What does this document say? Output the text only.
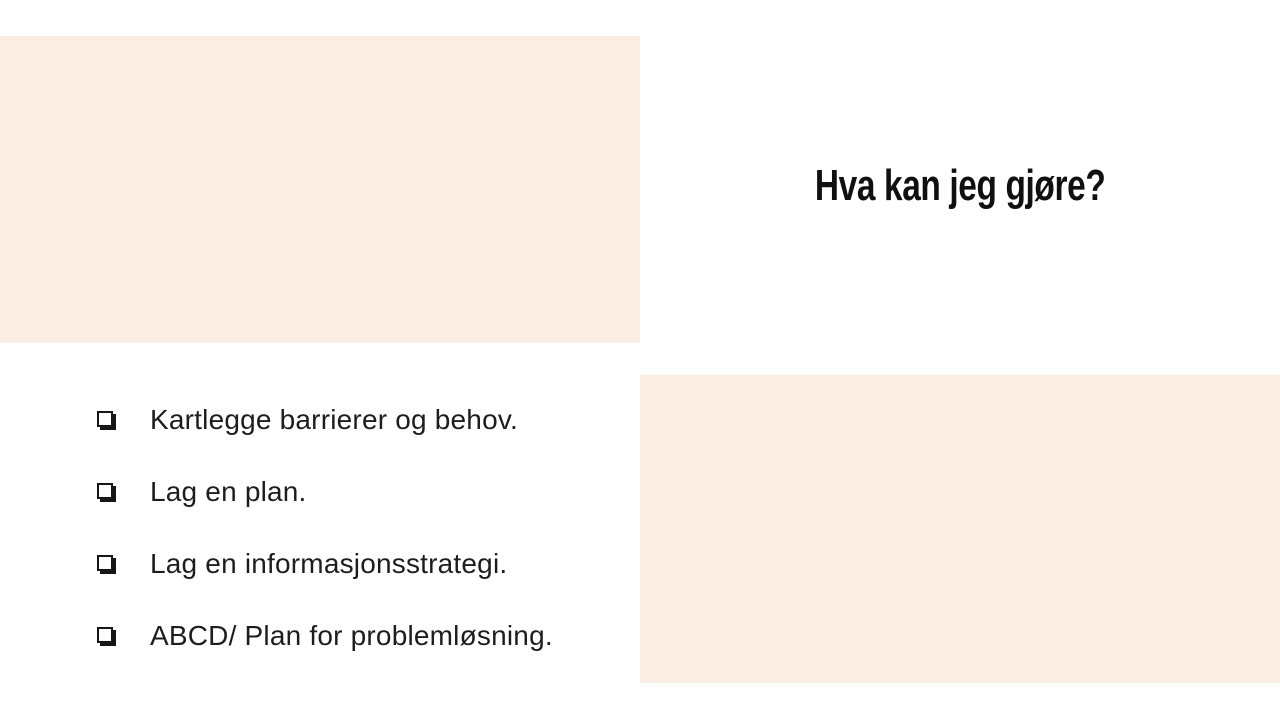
Hva kan jeg gjøre?
Kartlegge barrierer og behov.
Lag en plan.
Lag en informasjonsstrategi.
ABCD/ Plan for problemløsning.
